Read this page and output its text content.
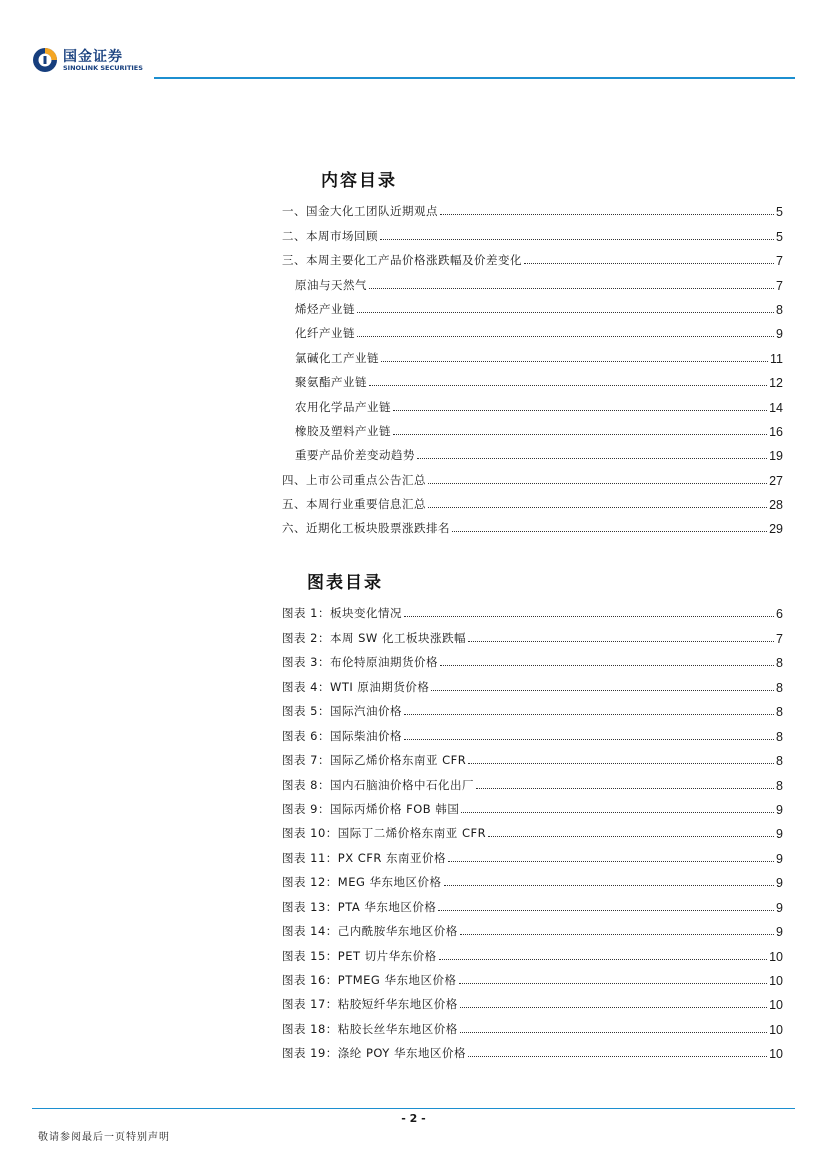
国金证券
SINOLINK SECURITIES
内容目录
一、国金大化工团队近期观点	5
二、本周市场回顾	5
三、本周主要化工产品价格涨跌幅及价差变化	7
原油与天然气	7
烯烃产业链	8
化纤产业链	9
氯碱化工产业链	11
聚氨酯产业链	12
农用化学品产业链	14
橡胶及塑料产业链	16
重要产品价差变动趋势	19
四、上市公司重点公告汇总	27
五、本周行业重要信息汇总	28
六、近期化工板块股票涨跌排名	29
图表目录
图表 1：板块变化情况	6
图表 2：本周 SW 化工板块涨跌幅	7
图表 3：布伦特原油期货价格	8
图表 4：WTI 原油期货价格	8
图表 5：国际汽油价格	8
图表 6：国际柴油价格	8
图表 7：国际乙烯价格东南亚 CFR	8
图表 8：国内石脑油价格中石化出厂	8
图表 9：国际丙烯价格 FOB 韩国	9
图表 10：国际丁二烯价格东南亚 CFR	9
图表 11：PX CFR 东南亚价格	9
图表 12：MEG 华东地区价格	9
图表 13：PTA 华东地区价格	9
图表 14：己内酰胺华东地区价格	9
图表 15：PET 切片华东价格	10
图表 16：PTMEG 华东地区价格	10
图表 17：粘胶短纤华东地区价格	10
图表 18：粘胶长丝华东地区价格	10
图表 19：涤纶 POY 华东地区价格	10
- 2 -
敬请参阅最后一页特别声明
